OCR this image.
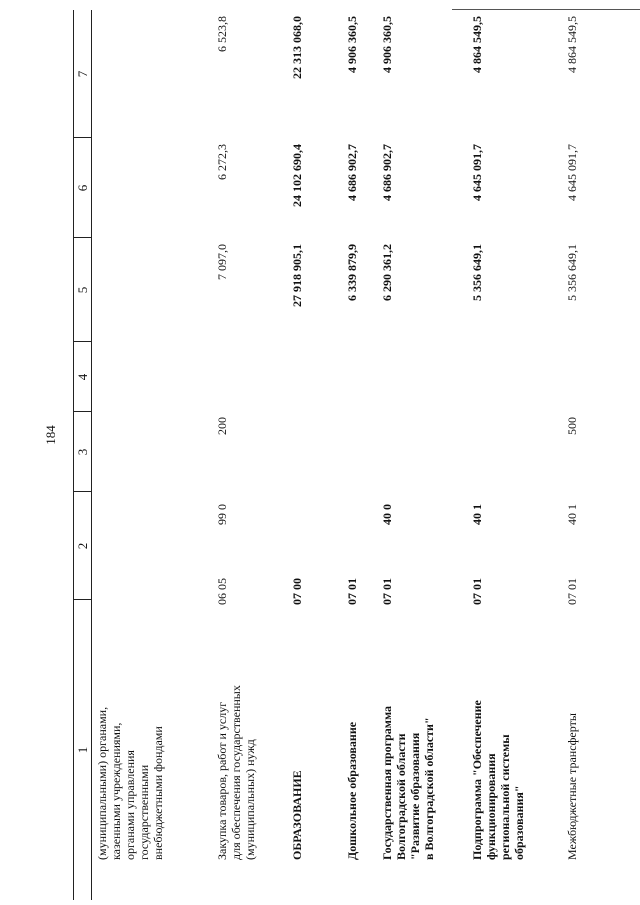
184
1
2
3
4
5
6
7
(муниципальными) органами, казенными учреждениями, органами управления государственными внебюджетными фондами	Закупка товаров, работ и услуг для обеспечения государственных (муниципальных) нужд
06 05
99 0
200
7 097,0
6 272,3
6 523,8
ОБРАЗОВАНИЕ
07 00
27 918 905,1
24 102 690,4
22 313 068,0
Дошкольное образование
07 01
6 339 879,9
4 686 902,7
4 906 360,5
Государственная программа Волгоградской области "Развитие образования в Волгоградской области"
07 01
40 0
6 290 361,2
4 686 902,7
4 906 360,5
Подпрограмма "Обеспечение функционирования региональной системы образования"
07 01
40 1
5 356 649,1
4 645 091,7
4 864 549,5
Межбюджетные трансферты
07 01
40 1
500
5 356 649,1
4 645 091,7
4 864 549,5
